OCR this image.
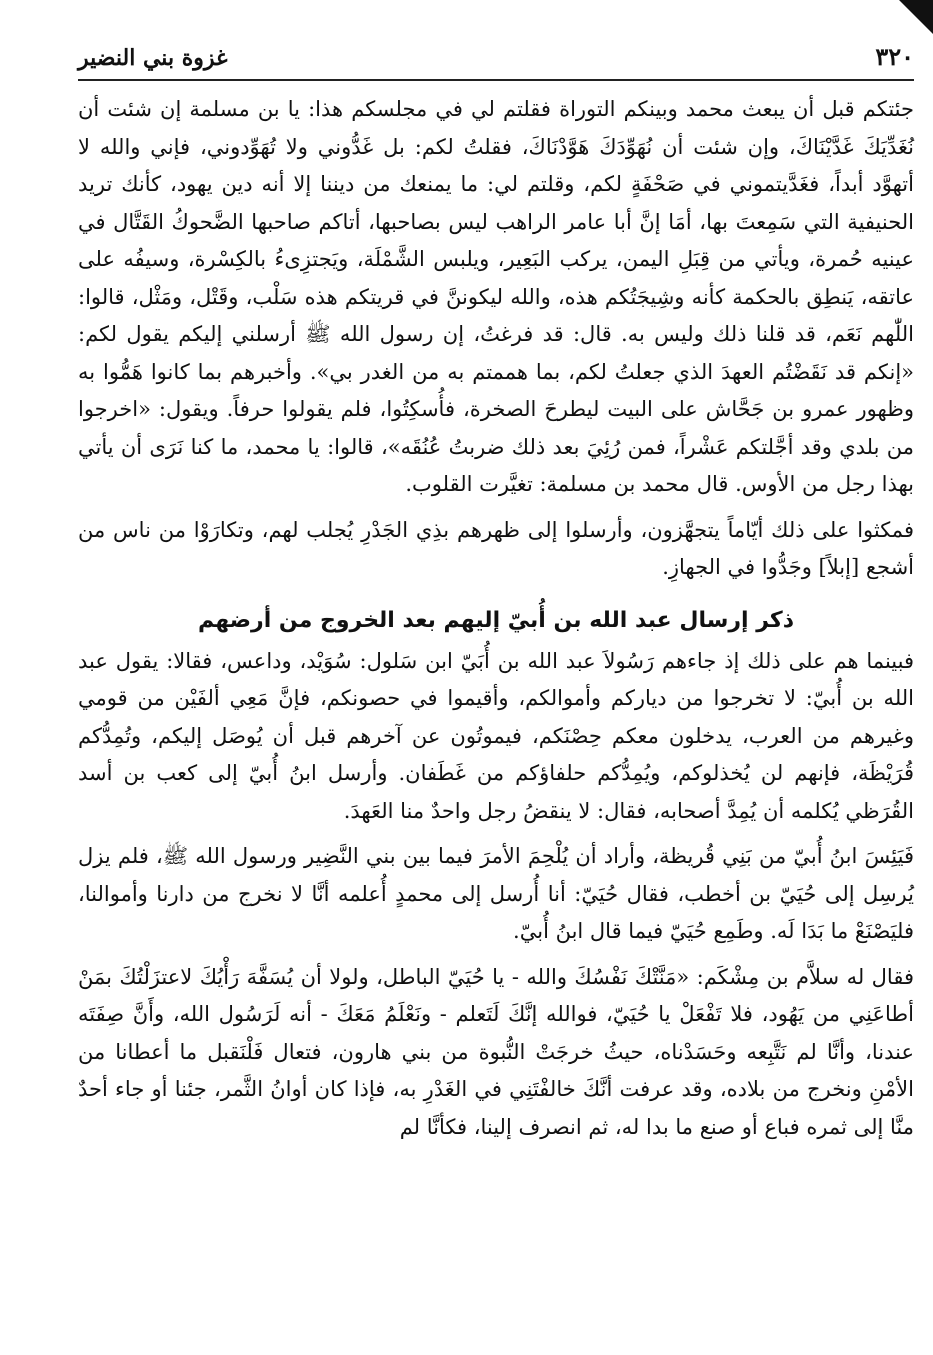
٣٢٠
غزوة بني النضير

جئتكم قبل أن يبعث محمد وبينكم التوراة فقلتم لي في مجلسكم هذا: يا بن مسلمة إن شئت أن نُغَدِّيَكَ غَدَّيْنَاكَ، وإن شئت أن نُهَوِّدَكَ هَوَّدْنَاكَ، فقلتُ لكم: بل غَدُّوني ولا تُهَوِّدوني، فإني والله لا أتهوَّد أبداً، فغَدَّيتموني في صَحْفَةٍ لكم، وقلتم لي: ما يمنعك من ديننا إلا أنه دين يهود، كأنك تريد الحنيفية التي سَمِعتَ بها، أمَا إنَّ أبا عامر الراهب ليس بصاحبها، أتاكم صاحبها الضَّحوكُ القَتَّال في عينيه حُمرة، ويأتي من قِبَلِ اليمن، يركب البَعِير، ويلبس الشَّمْلَة، ويَجتزِىءُ بالكِسْرة، وسيفُه على عاتقه، يَنطِق بالحكمة كأنه وشِيجَتُكم هذه، والله ليكوننَّ في قريتكم هذه سَلْب، وقَتْل، ومَثْل، قالوا: اللّٰهم نَعَم، قد قلنا ذلك وليس به. قال: قد فرغتُ، إن رسول الله ﷺ أرسلني إليكم يقول لكم: «إنكم قد نَقَضْتُم العهدَ الذي جعلتُ لكم، بما هممتم به من الغدر بي». وأخبرهم بما كانوا هَمُّوا به وظهور عمرو بن جَحَّاش على البيت ليطرحَ الصخرة، فأُسكِتُوا، فلم يقولوا حرفاً. ويقول: «اخرجوا من بلدي وقد أجَّلتكم عَشْراً، فمن رُئِيَ بعد ذلك ضربتُ عُنُقَه»، قالوا: يا محمد، ما كنا نَرَى أن يأتي بهذا رجل من الأوس. قال محمد بن مسلمة: تغيَّرت القلوب.

فمكثوا على ذلك أيّاماً يتجهَّزون، وأرسلوا إلى ظهرهم بذِي الجَدْرِ يُجلب لهم، وتكارَوْا من ناس من أشجع [إبلاً] وجَدُّوا في الجهازِ.

ذكر إرسال عبد الله بن أُبيّ إليهم بعد الخروج من أرضهم

فبينما هم على ذلك إذ جاءهم رَسُولاَ عبد الله بن أُبَيّ ابن سَلول: سُوَيْد، وداعس، فقالا: يقول عبد الله بن أُبيّ: لا تخرجوا من دياركم وأموالكم، وأقيموا في حصونكم، فإنَّ مَعِي ألفَيْن من قومي وغيرهم من العرب، يدخلون معكم حِصْنَكم، فيموتُون عن آخرهم قبل أن يُوصَل إليكم، وتُمِدُّكم قُرَيْظَة، فإنهم لن يُخذلوكم، ويُمِدُّكم حلفاؤكم من غَطَفان. وأرسل ابنُ أُبيّ إلى كعب بن أسد القُرَظي يُكلمه أن يُمِدَّ أصحابه، فقال: لا ينقضُ رجل واحدٌ منا العَهدَ.

فَيَئِسَ ابنُ أُبيّ من بَنِي قُريظة، وأراد أن يُلْحِمَ الأمرَ فيما بين بني النَّضِير ورسول الله ﷺ، فلم يزل يُرسِل إلى حُيَيّ بن أخطب، فقال حُيَيّ: أنا أُرسل إلى محمدٍ أُعلمه أنَّا لا نخرج من دارنا وأموالنا، فليَصْنَعْ ما بَدَا لَه. وطَمِع حُيَيّ فيما قال ابنُ أُبيّ.

فقال له سلاَّم بن مِشْكَم: «مَنَّتْكَ نَفْسُكَ والله - يا حُيَيّ الباطل، ولولا أن يُسَفَّهَ رَأْيُكَ لاعتزَلْتُكَ بمَنْ أطاعَنِي من يَهُود، فلا تَفْعَلْ يا حُيَيّ، فوالله إنَّكَ لَتَعلم - ونَعْلَمُ مَعَكَ - أنه لَرَسُول الله، وأَنَّ صِفَتَه عندنا، وأنَّا لم نَتَّبِعه وحَسَدْناه، حيثُ خرجَتْ النُّبوة من بني هارون، فتعال فَلْنَقبل ما أعطانا من الأمْنِ ونخرج من بلاده، وقد عرفت أنَّكَ خالفْتَنِي في الغَدْرِ به، فإذا كان أوانُ الثَّمر، جئنا أو جاء أحدٌ منَّا إلى ثمره فباع أو صنع ما بدا له، ثم انصرف إلينا، فكأنَّا لم
